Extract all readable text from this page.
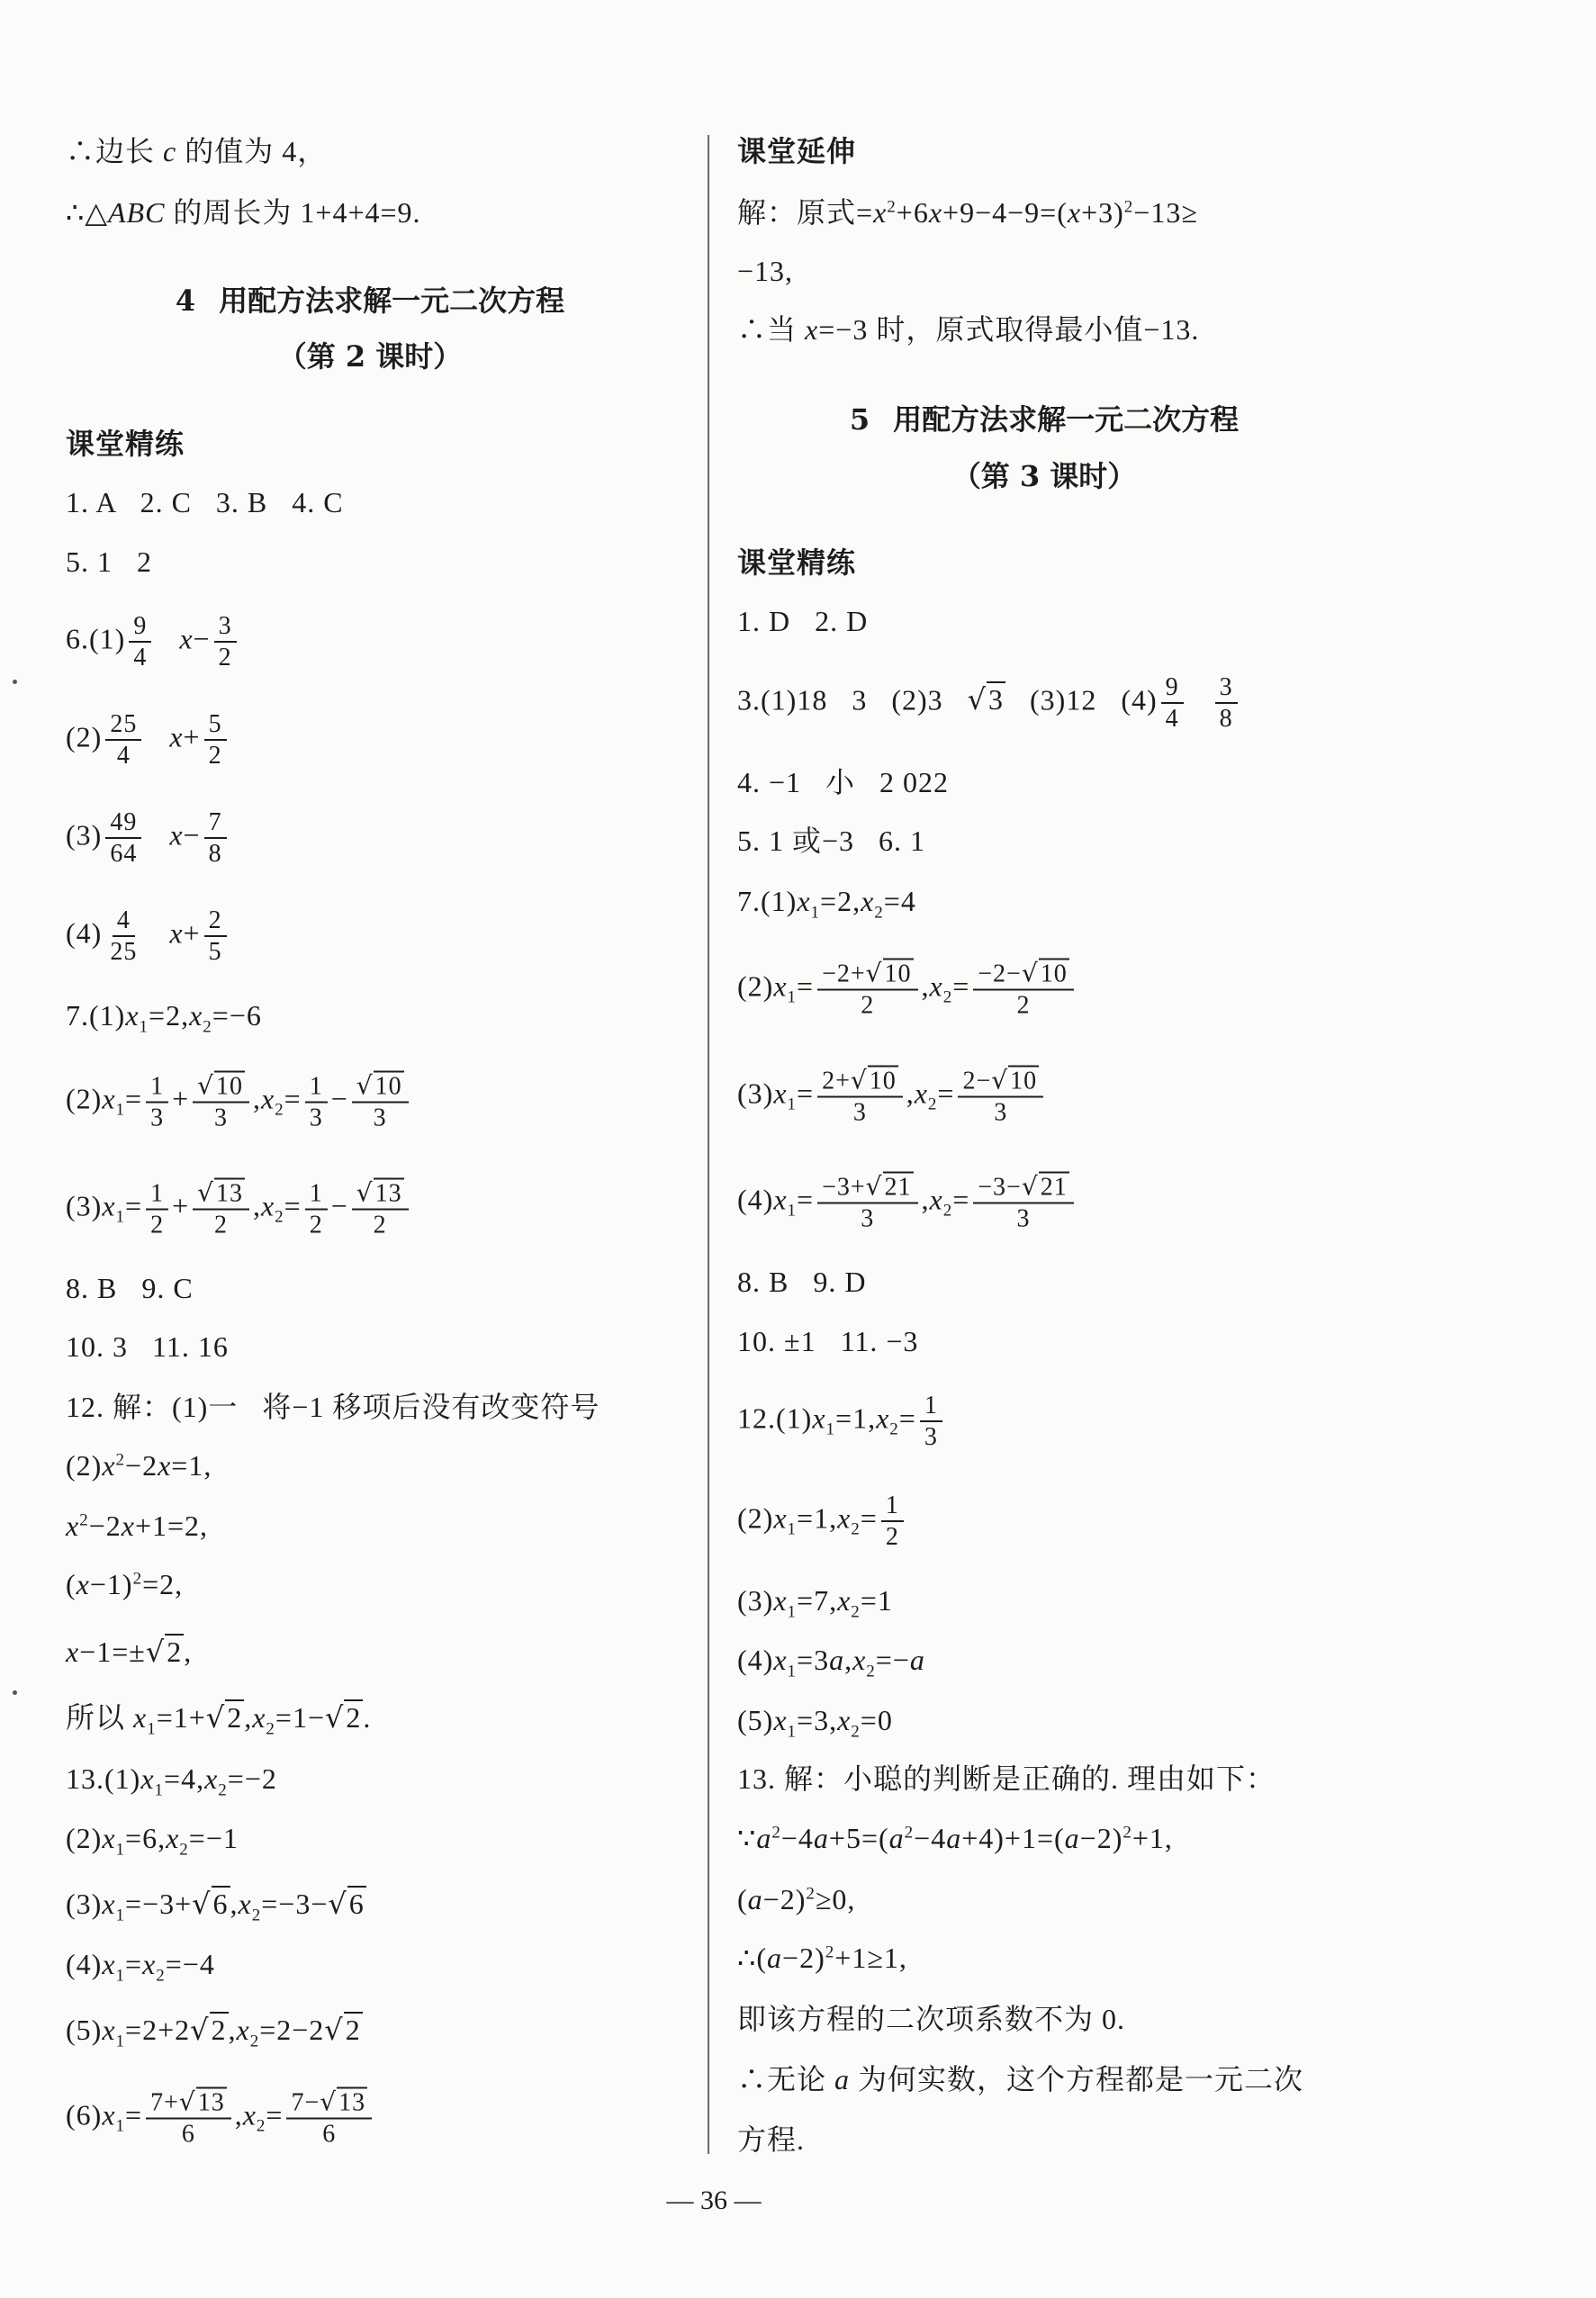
∴边长 c 的值为 4，
∴△ABC 的周长为 1+4+4=9.
4 用配方法求解一元二次方程
（第 2 课时）
课堂精练
1. A   2. C   3. B   4. C
5. 1   2
$6.(1) \frac{9}{4} x- \frac{3}{2}$
$(2) \frac{25}{4} x+ \frac{5}{2}$
$(3) \frac{49}{64} x- \frac{7}{8}$
$(4) \frac{4}{25} x+ \frac{2}{5}$
$7.(1)x_1=2,x_2=-6$
$(2)x_1= \frac{1}{3}$ +
√ $\frac{10}{3} ,x_2= \frac{1}{3}$ −
√ $\frac{10}{3}$
$(3)x_1= \frac{1}{2}$ +
√ $\frac{13}{2} ,x_2= \frac{1}{2}$ −
√ $\frac{13}{2}$
8. B   9. C
10. 3   11. 16
12. 解：(1)一   将−1 移项后没有改变符号
$(2)x^2-2x=1$,
$x^2-2x+1=2$,
$(x-1)^2=2$,
x−1=±√ 2,
所以 $x_1=1+√$ $2,x_2=1-√$ 2.
$13.(1)x_1=4,x_2=-2$
$(2)x_1=6,x_2=-1$
$(3)x_1=-3+√$ $6,x_2=-3-√$ 6
$(4)x_1=x_2=-4$
$(5)x_1=2+2√$ $2,x_2=2-2√$ 2
$(6)x_1= \frac{7+√ 13}{6} ,x_2= \frac{7-√ 13}{6}$
课堂延伸
解：原式$=x^2+6x+9-4-9=(x+3)^2-13\ge$
−13,
∴当 x=−3 时，原式取得最小值−13.
5 用配方法求解一元二次方程
（第 3 课时）
课堂精练
1. D   2. D
3.(1)18   3   (2)3   √ 3   (3)12   $(4) \frac{9}{4}$
$\frac{3}{8}$
4. −1   小   2 022
5. 1 或−3   6. 1
$7.(1)x_1=2,x_2=4$
$(2)x_1= \frac{-2+√ 10}{2} ,x_2= \frac{-2-√ 10}{2}$
$(3)x_1= \frac{2+√ 10}{3} ,x_2= \frac{2-√ 10}{3}$
$(4)x_1= \frac{-3+√ 21}{3} ,x_2= \frac{-3-√ 21}{3}$
8. B   9. D
10. ±1   11. −3
$12.(1)x_1=1,x_2= \frac{1}{3}$
$(2)x_1=1,x_2= \frac{1}{2}$
$(3)x_1=7,x_2=1$
$(4)x_1=3a,x_2=-a$
$(5)x_1=3,x_2=0$
13. 解：小聪的判断是正确的. 理由如下：
$\because a^2-4a+5=(a^2-4a+4)+1=(a-2)^2+1$,
$(a-2)^2\ge 0$,
$\therefore(a-2)^2+1\ge 1$,
即该方程的二次项系数不为 0.
∴无论 a 为何实数，这个方程都是一元二次
方程.
— 36 —
